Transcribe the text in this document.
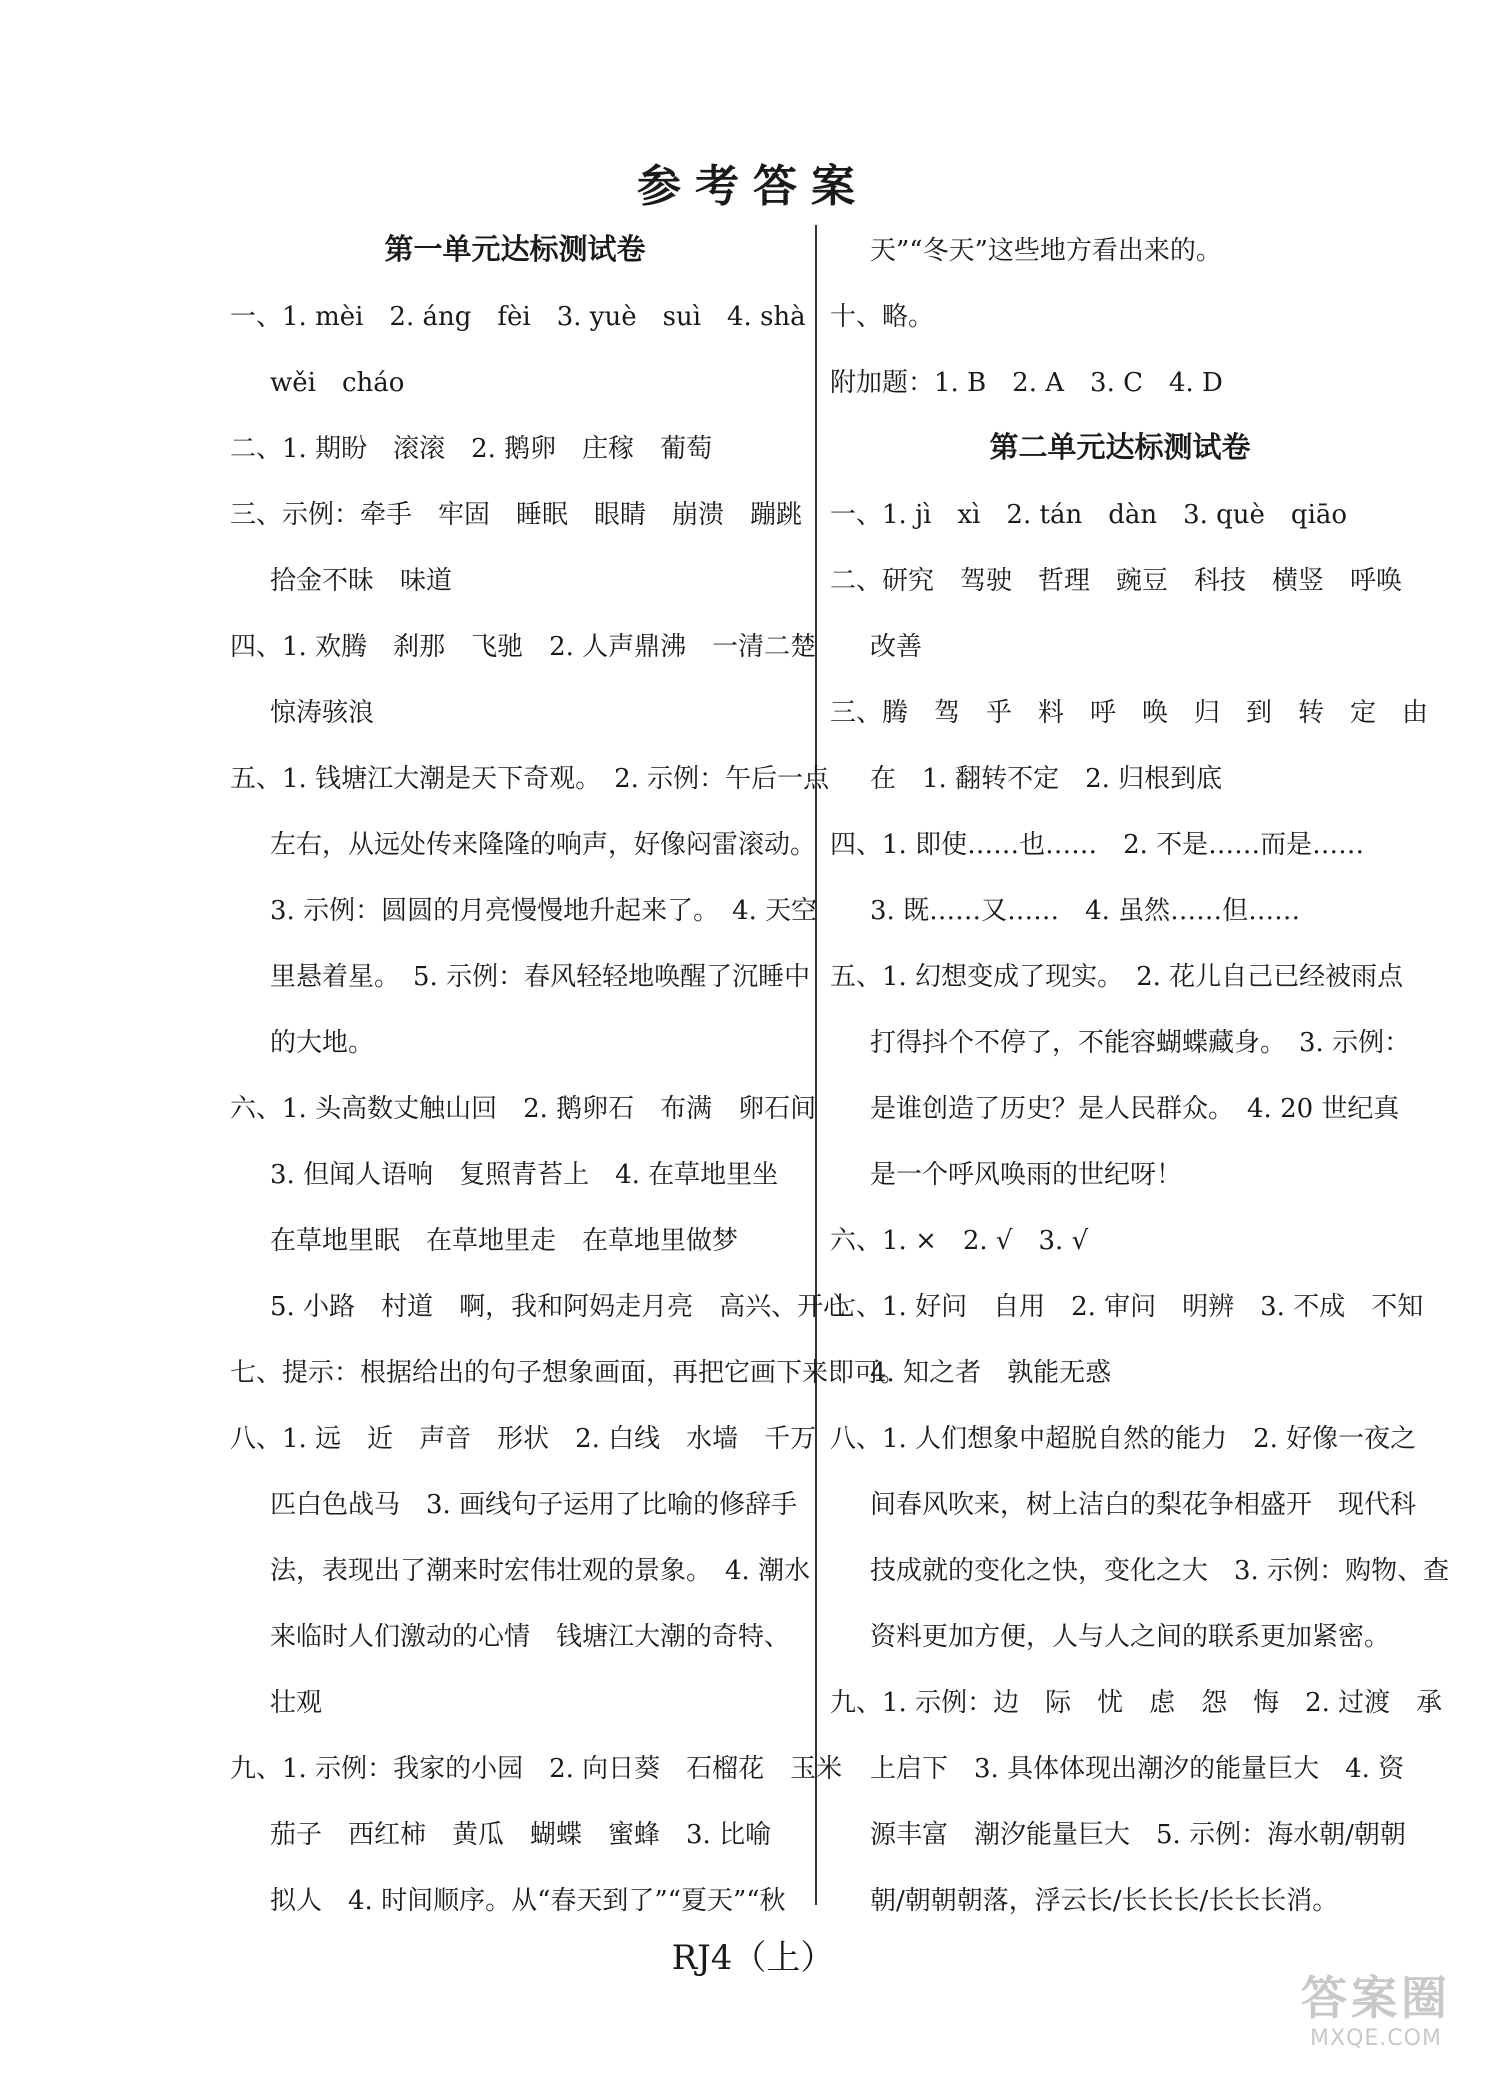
参考答案
第一单元达标测试卷
一、1. mèi　2. áng　fèi　3. yuè　suì　4. shà
wěi　cháo
二、1. 期盼　滚滚　2. 鹅卵　庄稼　葡萄
三、示例：牵手　牢固　睡眠　眼睛　崩溃　蹦跳
拾金不昧　味道
四、1. 欢腾　刹那　飞驰　2. 人声鼎沸　一清二楚
惊涛骇浪
五、1. 钱塘江大潮是天下奇观。　2. 示例：午后一点
左右，从远处传来隆隆的响声，好像闷雷滚动。
3. 示例：圆圆的月亮慢慢地升起来了。　4. 天空
里悬着星。　5. 示例：春风轻轻地唤醒了沉睡中
的大地。
六、1. 头高数丈触山回　2. 鹅卵石　布满　卵石间
3. 但闻人语响　复照青苔上　4. 在草地里坐
在草地里眠　在草地里走　在草地里做梦
5. 小路　村道　啊，我和阿妈走月亮　高兴、开心
七、提示：根据给出的句子想象画面，再把它画下来即可。
八、1. 远　近　声音　形状　2. 白线　水墙　千万
匹白色战马　3. 画线句子运用了比喻的修辞手
法，表现出了潮来时宏伟壮观的景象。　4. 潮水
来临时人们激动的心情　钱塘江大潮的奇特、
壮观
九、1. 示例：我家的小园　2. 向日葵　石榴花　玉米
茄子　西红柿　黄瓜　蝴蝶　蜜蜂　3. 比喻
拟人　4. 时间顺序。从“春天到了”“夏天”“秋
天”“冬天”这些地方看出来的。
十、略。
附加题：1. B　2. A　3. C　4. D
第二单元达标测试卷
一、1. jì　xì　2. tán　dàn　3. què　qiāo
二、研究　驾驶　哲理　豌豆　科技　横竖　呼唤
改善
三、腾　驾　乎　料　呼　唤　归　到　转　定　由
在　1. 翻转不定　2. 归根到底
四、1. 即使……也……　2. 不是……而是……
3. 既……又……　4. 虽然……但……
五、1. 幻想变成了现实。　2. 花儿自己已经被雨点
打得抖个不停了，不能容蝴蝶藏身。　3. 示例：
是谁创造了历史？是人民群众。　4. 20 世纪真
是一个呼风唤雨的世纪呀！
六、1. ×　2. √　3. √
七、1. 好问　自用　2. 审问　明辨　3. 不成　不知
4. 知之者　孰能无惑
八、1. 人们想象中超脱自然的能力　2. 好像一夜之
间春风吹来，树上洁白的梨花争相盛开　现代科
技成就的变化之快，变化之大　3. 示例：购物、查
资料更加方便，人与人之间的联系更加紧密。
九、1. 示例：边　际　忧　虑　怨　悔　2. 过渡　承
上启下　3. 具体体现出潮汐的能量巨大　4. 资
源丰富　潮汐能量巨大　5. 示例：海水朝/朝朝
朝/朝朝朝落，浮云长/长长长/长长长消。
RJ4（上）
答案圈
MXQE.COM
